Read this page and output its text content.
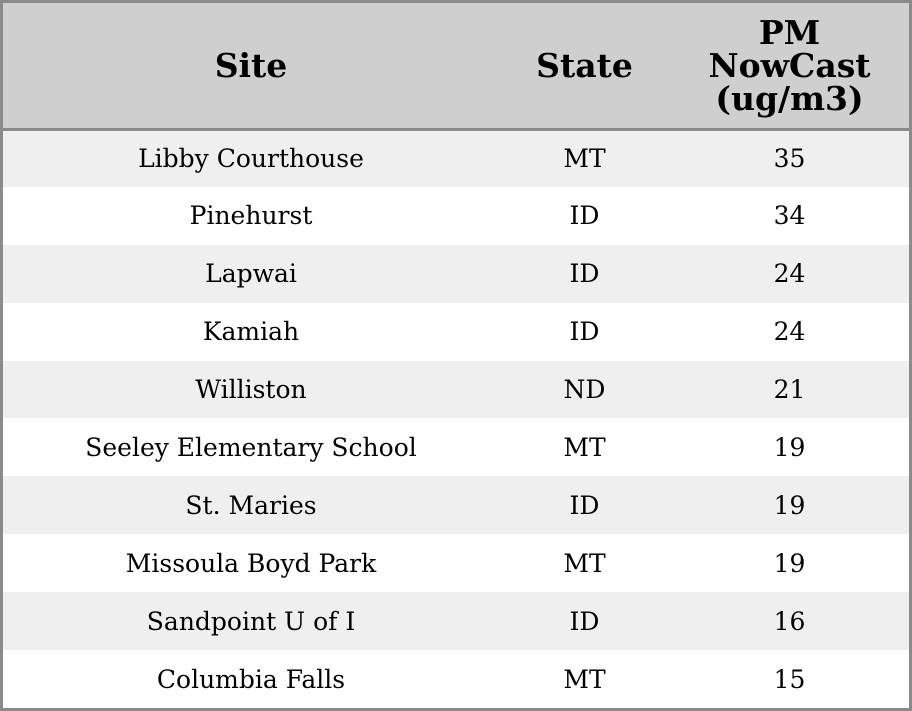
Site	State	PM
NowCast
(ug/m3)

Libby Courthouse	MT	35
Pinehurst	ID	34
Lapwai	ID	24
Kamiah	ID	24
Williston	ND	21
Seeley Elementary School	MT	19
St. Maries	ID	19
Missoula Boyd Park	MT	19
Sandpoint U of I	ID	16
Columbia Falls	MT	15
